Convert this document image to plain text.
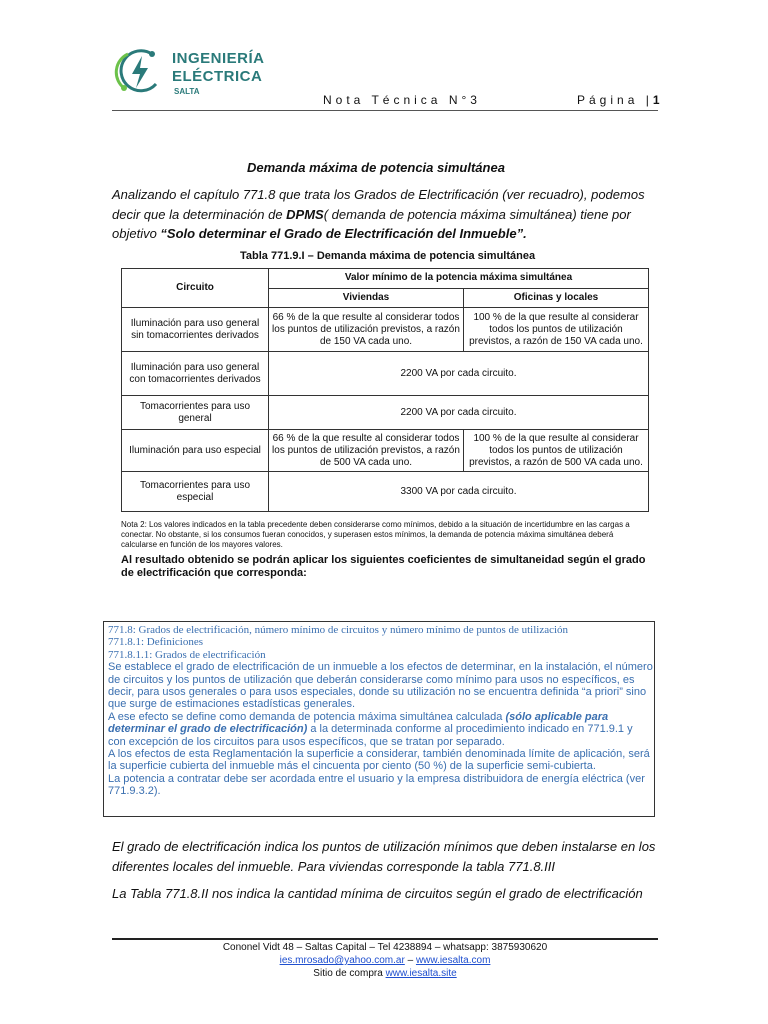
INGENIERÍA
ELÉCTRICA
SALTA
Nota Técnica N°3	Página |1
Demanda máxima de potencia simultánea
Analizando el capítulo 771.8 que trata los Grados de Electrificación (ver recuadro), podemos decir que la determinación de DPMS( demanda de potencia máxima simultánea) tiene por objetivo “Solo determinar el Grado de Electrificación del Inmueble”.
Tabla 771.9.I – Demanda máxima de potencia simultánea
Circuito	Valor mínimo de la potencia máxima simultánea	
	Viviendas	Oficinas y locales
Iluminación para uso general sin tomacorrientes derivados	66 % de la que resulte al considerar todos los puntos de utilización previstos, a razón de 150 VA cada uno.	100 % de la que resulte al considerar todos los puntos de utilización previstos, a razón de 150 VA cada uno.
Iluminación para uso general con tomacorrientes derivados	2200 VA por cada circuito.	
Tomacorrientes para uso general	2200 VA por cada circuito.	
Iluminación para uso especial	66 % de la que resulte al considerar todos los puntos de utilización previstos, a razón de 500 VA cada uno.	100 % de la que resulte al considerar todos los puntos de utilización previstos, a razón de 500 VA cada uno.
Tomacorrientes para uso especial	3300 VA por cada circuito.	
Nota 2: Los valores indicados en la tabla precedente deben considerarse como mínimos, debido a la situación de incertidumbre en las cargas a conectar. No obstante, si los consumos fueran conocidos, y superasen estos mínimos, la demanda de potencia máxima simultánea deberá calcularse en función de los mayores valores.
Al resultado obtenido se podrán aplicar los siguientes coeficientes de simultaneidad según el grado de electrificación que corresponda:
771.8: Grados de electrificación, número mínimo de circuitos y número mínimo de puntos de utilización
771.8.1: Definiciones
771.8.1.1: Grados de electrificación
Se establece el grado de electrificación de un inmueble a los efectos de determinar, en la instalación, el número de circuitos y los puntos de utilización que deberán considerarse como mínimo para usos no específicos, es decir, para usos generales o para usos especiales, donde su utilización no se encuentra definida “a priori” sino que surge de estimaciones estadísticas generales.
A ese efecto se define como demanda de potencia máxima simultánea calculada (sólo aplicable para determinar el grado de electrificación) a la determinada conforme al procedimiento indicado en 771.9.1 y con excepción de los circuitos para usos específicos, que se tratan por separado.
A los efectos de esta Reglamentación la superficie a considerar, también denominada límite de aplicación, será la superficie cubierta del inmueble más el cincuenta por ciento (50 %) de la superficie semi-cubierta.
La potencia a contratar debe ser acordada entre el usuario y la empresa distribuidora de energía eléctrica (ver 771.9.3.2).
El grado de electrificación indica los puntos de utilización mínimos que deben instalarse en los diferentes locales del inmueble. Para viviendas corresponde la tabla 771.8.III
La Tabla 771.8.II nos indica la cantidad mínima de circuitos según el grado de electrificación
Cononel Vidt 48 – Saltas Capital – Tel 4238894 – whatsapp: 3875930620
ies.mrosado@yahoo.com.ar – www.iesalta.com
Sitio de compra www.iesalta.site
